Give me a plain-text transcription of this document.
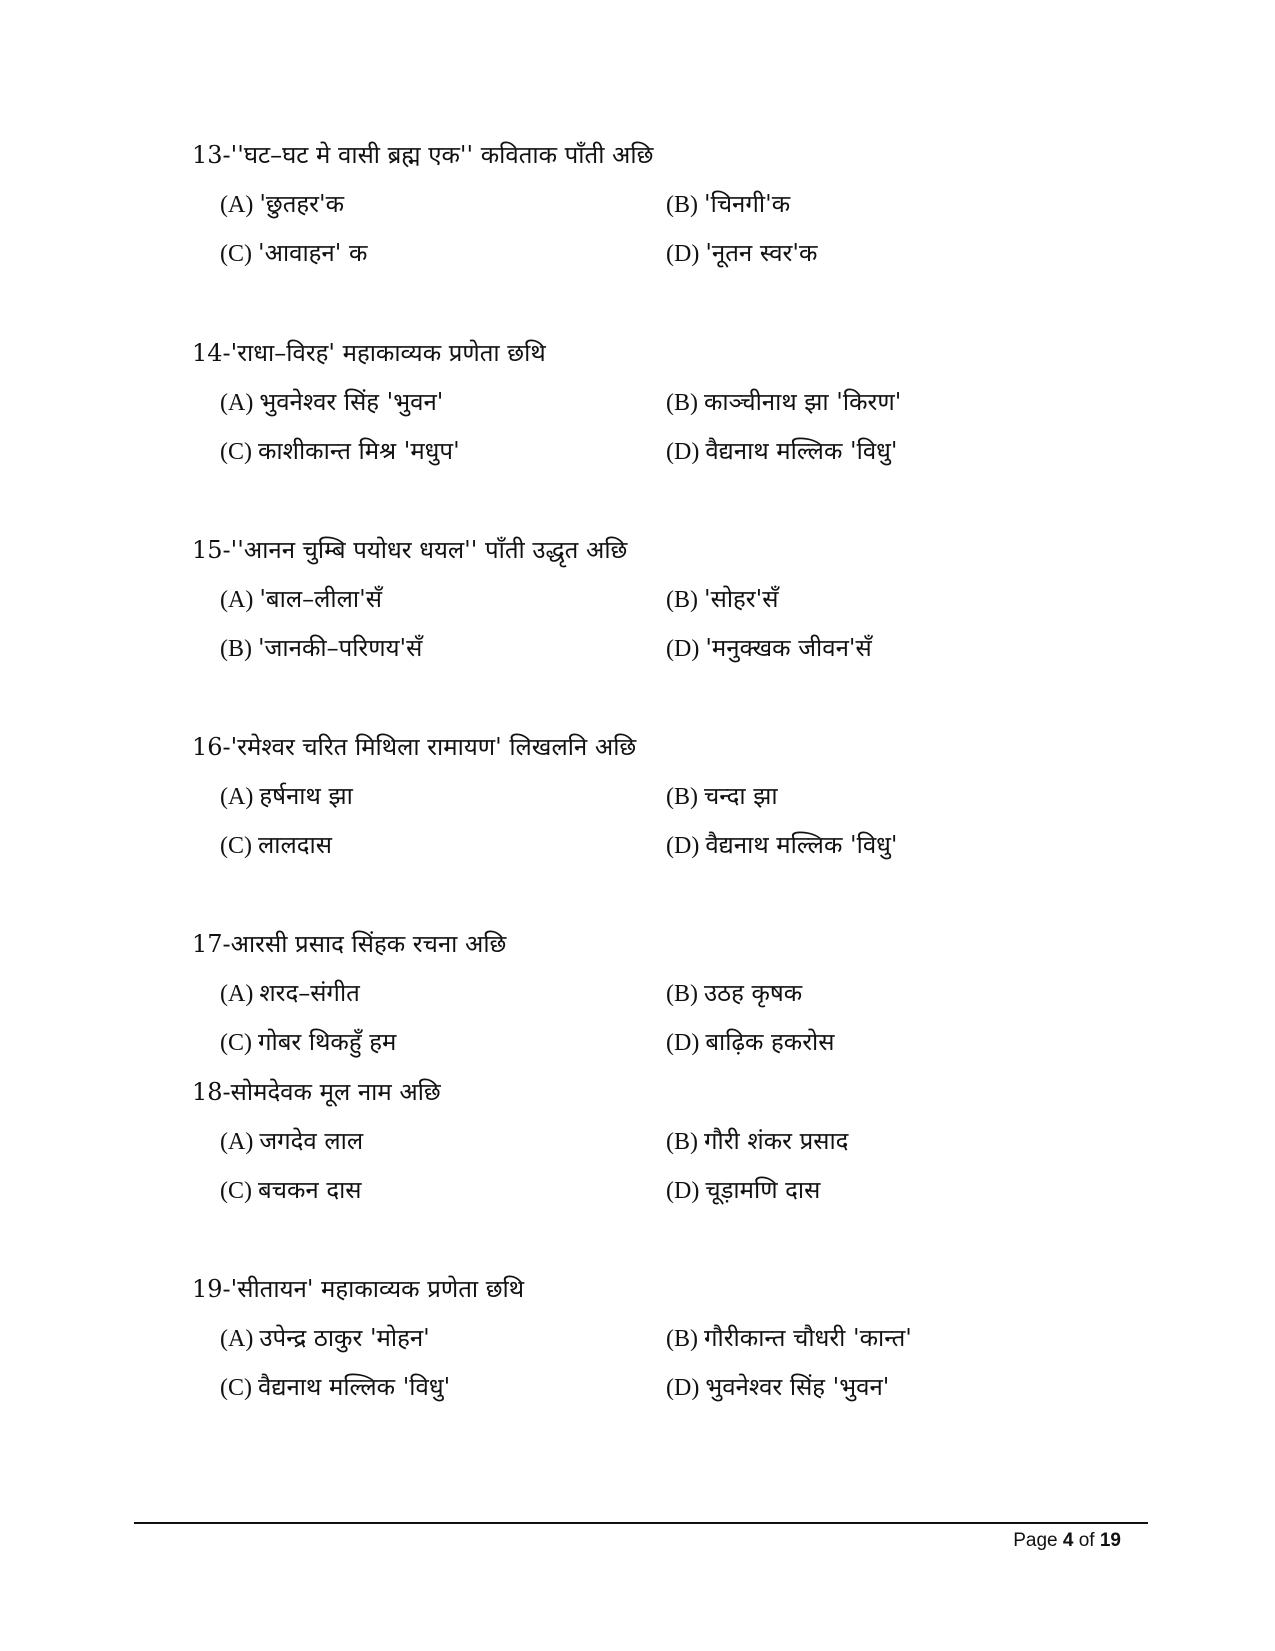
13-''घट–घट मे वासी ब्रह्म एक'' कविताक पाँती अछि
(A) 'छुतहर'क	(B) 'चिनगी'क
(C) 'आवाहन' क	(D) 'नूतन स्वर'क
14-'राधा–विरह' महाकाव्यक प्रणेता छथि
(A) भुवनेश्वर सिंह 'भुवन'	(B) काञ्चीनाथ झा 'किरण'
(C) काशीकान्त मिश्र 'मधुप'	(D) वैद्यनाथ मल्लिक 'विधु'
15-''आनन चुम्बि पयोधर धयल'' पाँती उद्धृत अछि
(A) 'बाल–लीला'सँ	(B) 'सोहर'सँ
(B) 'जानकी–परिणय'सँ	(D) 'मनुक्खक जीवन'सँ
16-'रमेश्वर चरित मिथिला रामायण' लिखलनि अछि
(A) हर्षनाथ झा	(B) चन्दा झा
(C) लालदास	(D) वैद्यनाथ मल्लिक 'विधु'
17-आरसी प्रसाद सिंहक रचना अछि
(A) शरद–संगीत	(B) उठह कृषक
(C) गोबर थिकहुँ हम	(D) बाढ़िक हकरोस
18-सोमदेवक मूल नाम अछि
(A) जगदेव लाल	(B) गौरी शंकर प्रसाद
(C) बचकन दास	(D) चूड़ामणि दास
19-'सीतायन' महाकाव्यक प्रणेता छथि
(A) उपेन्द्र ठाकुर 'मोहन'	(B) गौरीकान्त चौधरी 'कान्त'
(C) वैद्यनाथ मल्लिक 'विधु'	(D) भुवनेश्वर सिंह 'भुवन'
Page 4 of 19
